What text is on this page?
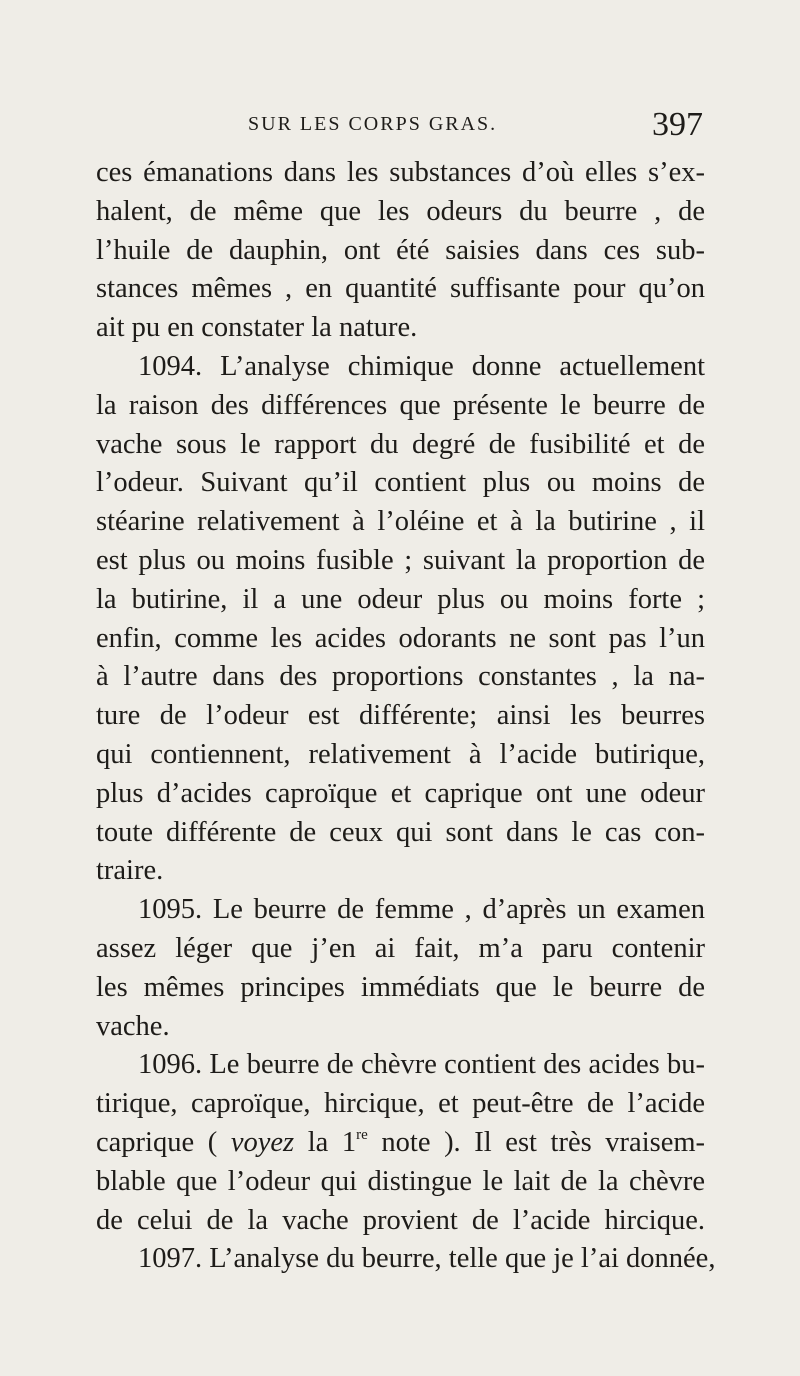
SUR LES CORPS GRAS.	397
ces émanations dans les substances d’où elles s’ex-
halent, de même que les odeurs du beurre , de
l’huile de dauphin, ont été saisies dans ces sub-
stances mêmes , en quantité suffisante pour qu’on
ait pu en constater la nature.
1094. L’analyse chimique donne actuellement
la raison des différences que présente le beurre de
vache sous le rapport du degré de fusibilité et de
l’odeur. Suivant qu’il contient plus ou moins de
stéarine relativement à l’oléine et à la butirine , il
est plus ou moins fusible ; suivant la proportion de
la butirine, il a une odeur plus ou moins forte ;
enfin, comme les acides odorants ne sont pas l’un
à l’autre dans des proportions constantes , la na-
ture de l’odeur est différente; ainsi les beurres
qui contiennent, relativement à l’acide butirique,
plus d’acides caproïque et caprique ont une odeur
toute différente de ceux qui sont dans le cas con-
traire.
1095. Le beurre de femme , d’après un examen
assez léger que j’en ai fait, m’a paru contenir
les mêmes principes immédiats que le beurre de
vache.
1096. Le beurre de chèvre contient des acides bu-
tirique, caproïque, hircique, et peut-être de l’acide
caprique ( voyez la 1re note ). Il est très vraisem-
blable que l’odeur qui distingue le lait de la chèvre
de celui de la vache provient de l’acide hircique.
1097. L’analyse du beurre, telle que je l’ai donnée,
